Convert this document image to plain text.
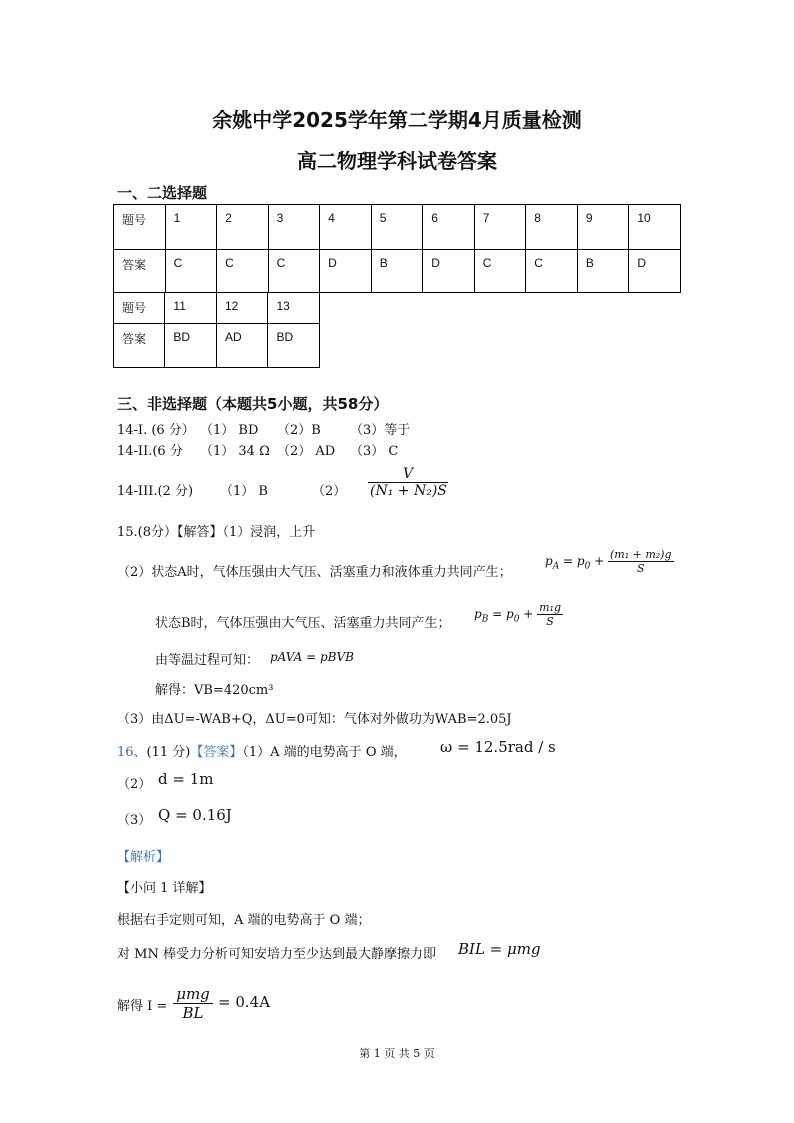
余姚中学2025学年第二学期4月质量检测
高二物理学科试卷答案
一、二选择题
题号	1	2	3	4	5	6	7	8	9	10
答案	C	C	C	D	B	D	C	C	B	D
题号	11	12	13
答案	BD	AD	BD
三、非选择题（本题共5小题，共58分）
14-I. (6 分） （1） BD （2）B （3）等于
14-II.(6 分 （1） 34 Ω （2） AD （3） C
14-III.(2 分) （1） B	$(2) \frac{V}{\text{(N₁ + N₂)S}}$
15.(8分）【解答】（1）浸润，上升
（2）状态A时，气体压强由大气压、活塞重力和液体重力共同产生；
$p_A = p_0 + \frac{\text{(m₁ + m₂)g}}{S}$
状态B时，气体压强由大气压、活塞重力共同产生；
$p_B = p_0 + \frac{\text{m₁g}}{S}$
由等温过程可知： pAVA = pBVB
解得：VB=420cm³
（3）由ΔU=-WAB+Q，ΔU=0可知：气体对外做功为WAB=2.05J
16、(11 分)【答案】（1）A 端的电势高于 O 端， ω = 12.5rad / s
（2） d = 1m
（3） Q = 0.16J
【解析】
【小问 1 详解】
根据右手定则可知，A 端的电势高于 O 端；
对 MN 棒受力分析可知安培力至少达到最大静摩擦力即 BIL = μmg
解得 $I = \frac{\text{μmg}}{BL} = 0.4A$
第 1 页 共 5 页
